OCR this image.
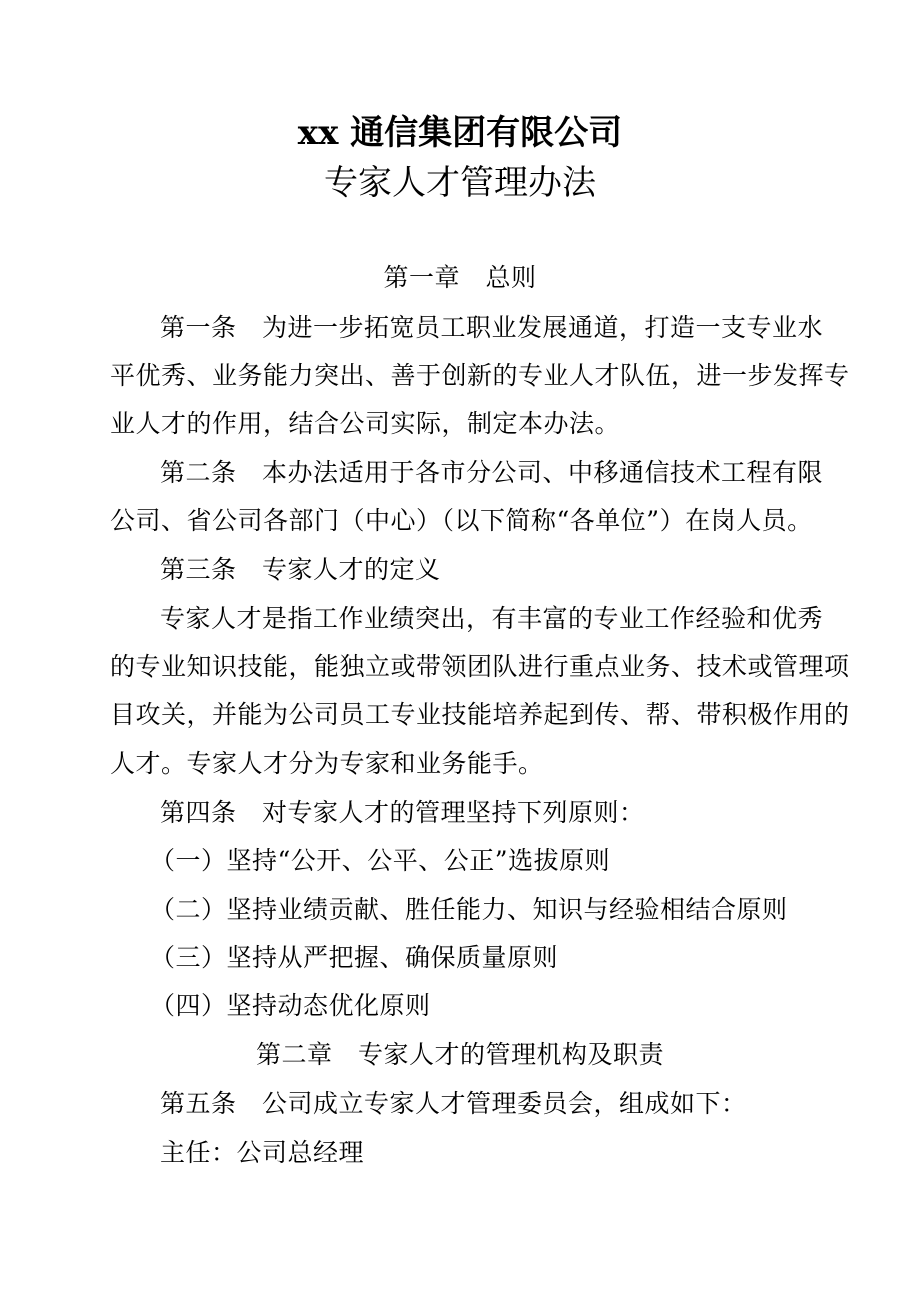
xx 通信集团有限公司
专家人才管理办法
第一章　总则
第一条　为进一步拓宽员工职业发展通道，打造一支专业水
平优秀、业务能力突出、善于创新的专业人才队伍，进一步发挥专
业人才的作用，结合公司实际，制定本办法。
第二条　本办法适用于各市分公司、中移通信技术工程有限
公司、省公司各部门（中心）（以下简称“各单位”）在岗人员。
第三条　专家人才的定义
专家人才是指工作业绩突出，有丰富的专业工作经验和优秀
的专业知识技能，能独立或带领团队进行重点业务、技术或管理项
目攻关，并能为公司员工专业技能培养起到传、帮、带积极作用的
人才。专家人才分为专家和业务能手。
第四条　对专家人才的管理坚持下列原则：
（一）坚持“公开、公平、公正”选拔原则
（二）坚持业绩贡献、胜任能力、知识与经验相结合原则
（三）坚持从严把握、确保质量原则
（四）坚持动态优化原则
第二章　专家人才的管理机构及职责
第五条　公司成立专家人才管理委员会，组成如下：
主任：公司总经理
